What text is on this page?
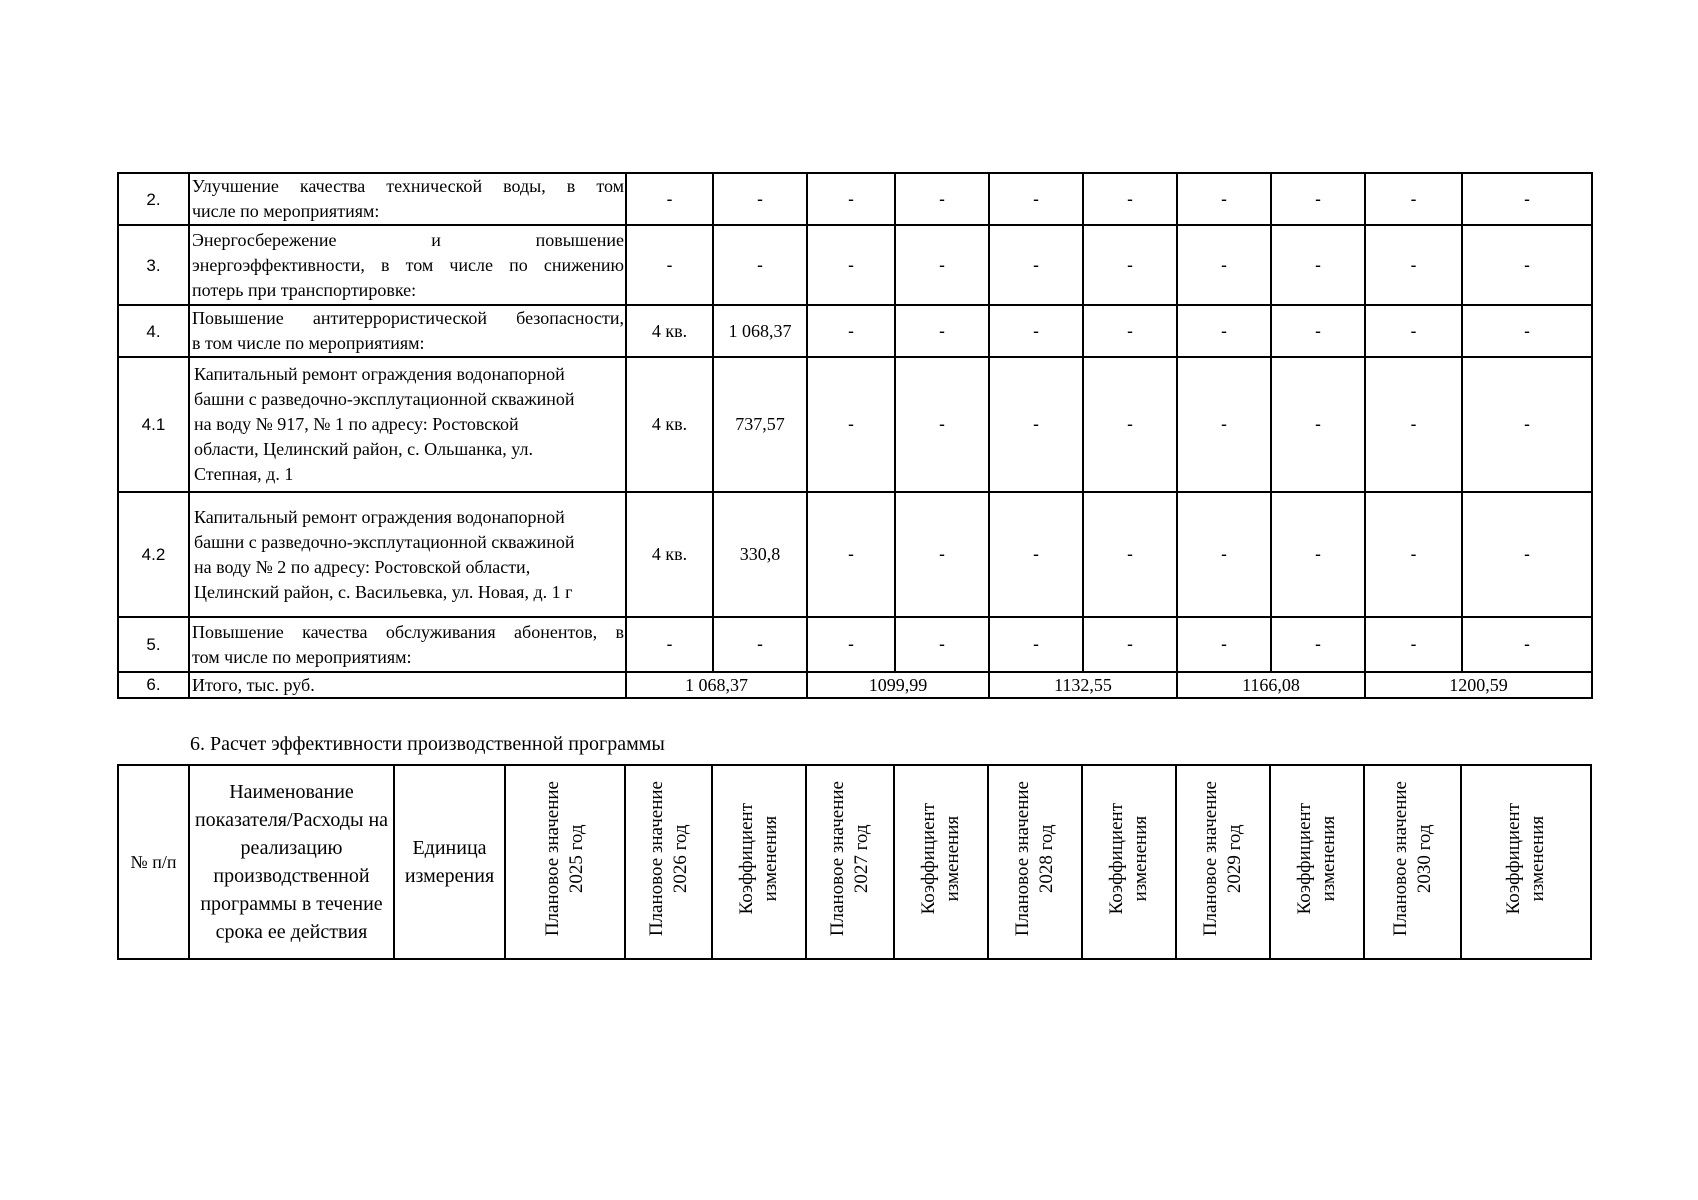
2.	Улучшение качества технической воды, в том
числе по мероприятиям:	-	-	-	-	-	-	-	-	-	-
3.	Энергосбережение и повышение
энергоэффективности, в том числе по снижению
потерь при транспортировке:	-	-	-	-	-	-	-	-	-	-
4.	Повышение антитеррористической безопасности,
в том числе по мероприятиям:	4 кв.	1 068,37	-	-	-	-	-	-	-	-
4.1	Капитальный ремонт ограждения водонапорной
башни с разведочно-эксплутационной скважиной
на воду № 917, № 1 по адресу: Ростовской
области, Целинский район, с. Ольшанка, ул.
Степная, д. 1	4 кв.	737,57	-	-	-	-	-	-	-	-
4.2	Капитальный ремонт ограждения водонапорной
башни с разведочно-эксплутационной скважиной
на воду № 2 по адресу: Ростовской области,
Целинский район, с. Васильевка, ул. Новая, д. 1 г	4 кв.	330,8	-	-	-	-	-	-	-	-
5.	Повышение качества обслуживания абонентов, в
том числе по мероприятиям:	-	-	-	-	-	-	-	-	-	-
6.	Итого, тыс. руб.	1 068,37		1099,99		1132,55		1166,08		1200,59	
6. Расчет эффективности производственной программы
№ п/п	Наименование показателя/Расходы на реализацию производственной программы в течение срока ее действия	Единица измерения	Плановое значение
2025 год	Плановое значение
2026 год	Коэффициент
изменения	Плановое значение
2027 год	Коэффициент
изменения	Плановое значение
2028 год	Коэффициент
изменения	Плановое значение
2029 год	Коэффициент
изменения	Плановое значение
2030 год	Коэффициент
изменения
